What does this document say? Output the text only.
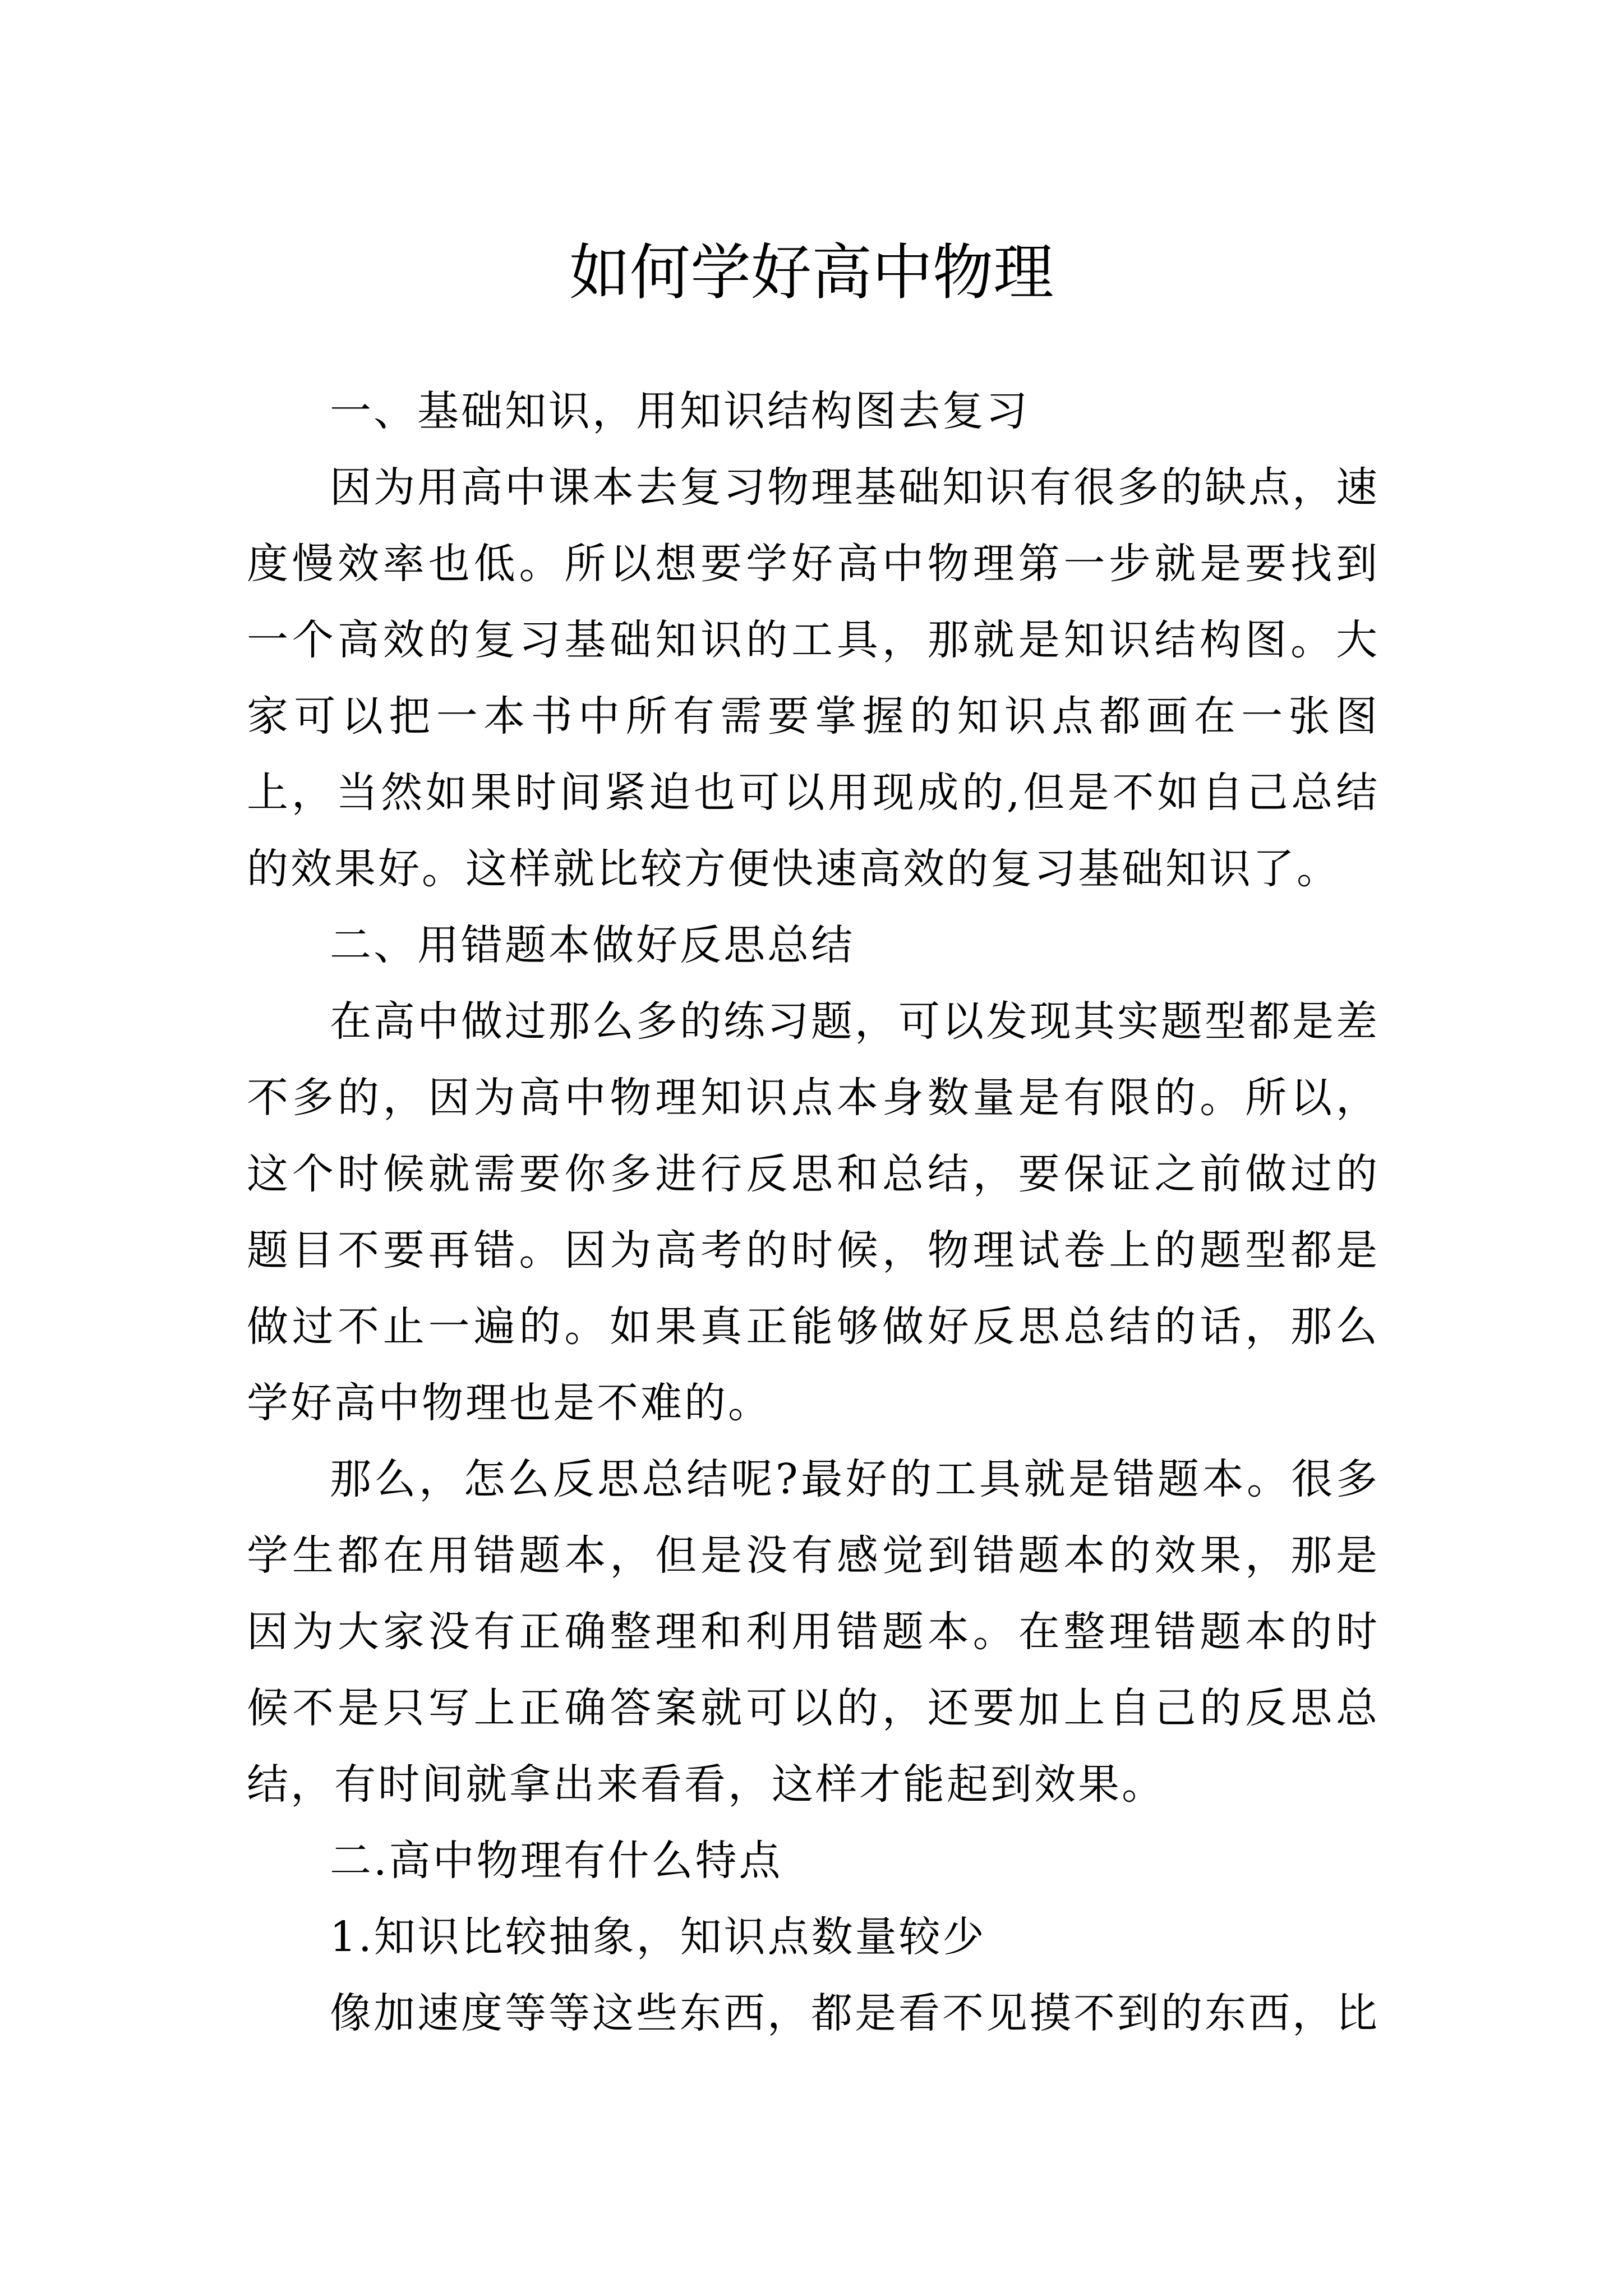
如何学好高中物理

一、基础知识，用知识结构图去复习

因为用高中课本去复习物理基础知识有很多的缺点，速度慢效率也低。所以想要学好高中物理第一步就是要找到一个高效的复习基础知识的工具，那就是知识结构图。大家可以把一本书中所有需要掌握的知识点都画在一张图上，当然如果时间紧迫也可以用现成的,但是不如自己总结的效果好。这样就比较方便快速高效的复习基础知识了。

二、用错题本做好反思总结

在高中做过那么多的练习题，可以发现其实题型都是差不多的，因为高中物理知识点本身数量是有限的。所以，这个时候就需要你多进行反思和总结，要保证之前做过的题目不要再错。因为高考的时候，物理试卷上的题型都是做过不止一遍的。如果真正能够做好反思总结的话，那么学好高中物理也是不难的。

那么，怎么反思总结呢?最好的工具就是错题本。很多学生都在用错题本，但是没有感觉到错题本的效果，那是因为大家没有正确整理和利用错题本。在整理错题本的时候不是只写上正确答案就可以的，还要加上自己的反思总结，有时间就拿出来看看，这样才能起到效果。

二.高中物理有什么特点

1.知识比较抽象，知识点数量较少

像加速度等等这些东西，都是看不见摸不到的东西，比
